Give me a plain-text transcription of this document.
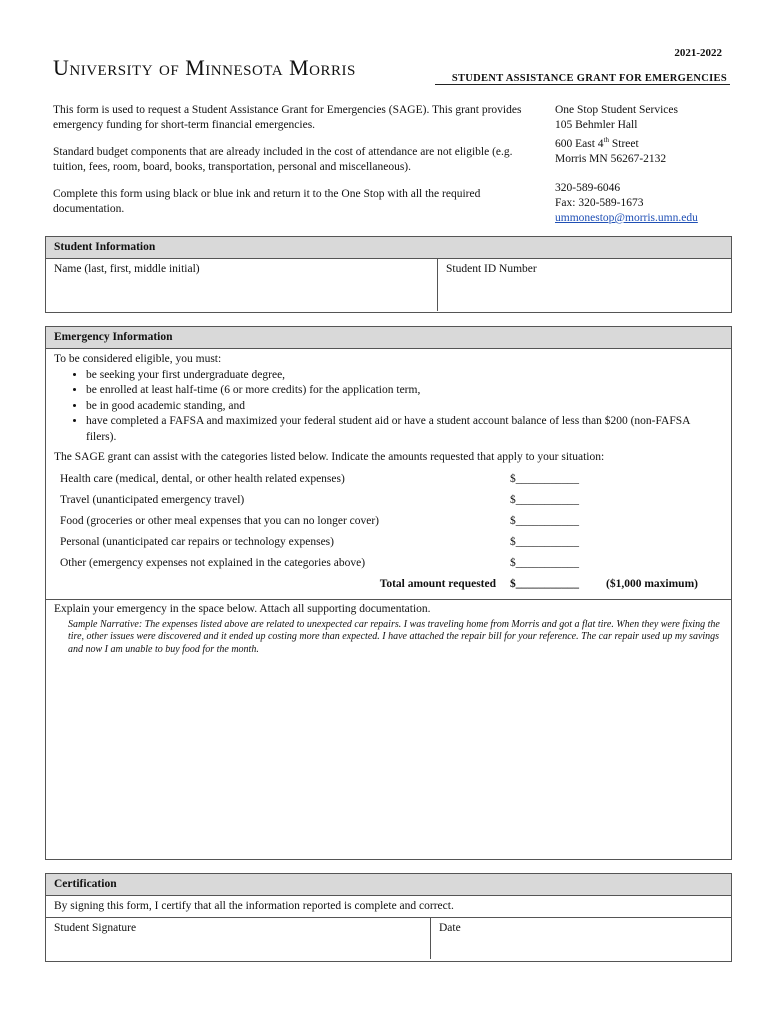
University of Minnesota Morris
2021-2022
STUDENT ASSISTANCE GRANT FOR EMERGENCIES

This form is used to request a Student Assistance Grant for Emergencies (SAGE). This grant provides emergency funding for short-term financial emergencies.

Standard budget components that are already included in the cost of attendance are not eligible (e.g. tuition, fees, room, board, books, transportation, personal and miscellaneous).

Complete this form using black or blue ink and return it to the One Stop with all the required documentation.

One Stop Student Services
105 Behmler Hall
600 East 4th Street
Morris MN 56267-2132
320-589-6046
Fax: 320-589-1673
ummonestop@morris.umn.edu
Student Information
Name (last, first, middle initial)	Student ID Number
Emergency Information
To be considered eligible, you must:
• be seeking your first undergraduate degree,
• be enrolled at least half-time (6 or more credits) for the application term,
• be in good academic standing, and
• have completed a FAFSA and maximized your federal student aid or have a student account balance of less than $200 (non-FAFSA filers).
The SAGE grant can assist with the categories listed below. Indicate the amounts requested that apply to your situation:
Health care (medical, dental, or other health related expenses)	$___________
Travel (unanticipated emergency travel)	$___________
Food (groceries or other meal expenses that you can no longer cover)	$___________
Personal (unanticipated car repairs or technology expenses)	$___________
Other (emergency expenses not explained in the categories above)	$___________
Total amount requested	$___________	($1,000 maximum)
Explain your emergency in the space below. Attach all supporting documentation.
Sample Narrative: The expenses listed above are related to unexpected car repairs. I was traveling home from Morris and got a flat tire. When they were fixing the tire, other issues were discovered and it ended up costing more than expected. I have attached the repair bill for your reference. The car repair used up my savings and now I am unable to buy food for the month.
Certification
By signing this form, I certify that all the information reported is complete and correct.
Student Signature	Date
